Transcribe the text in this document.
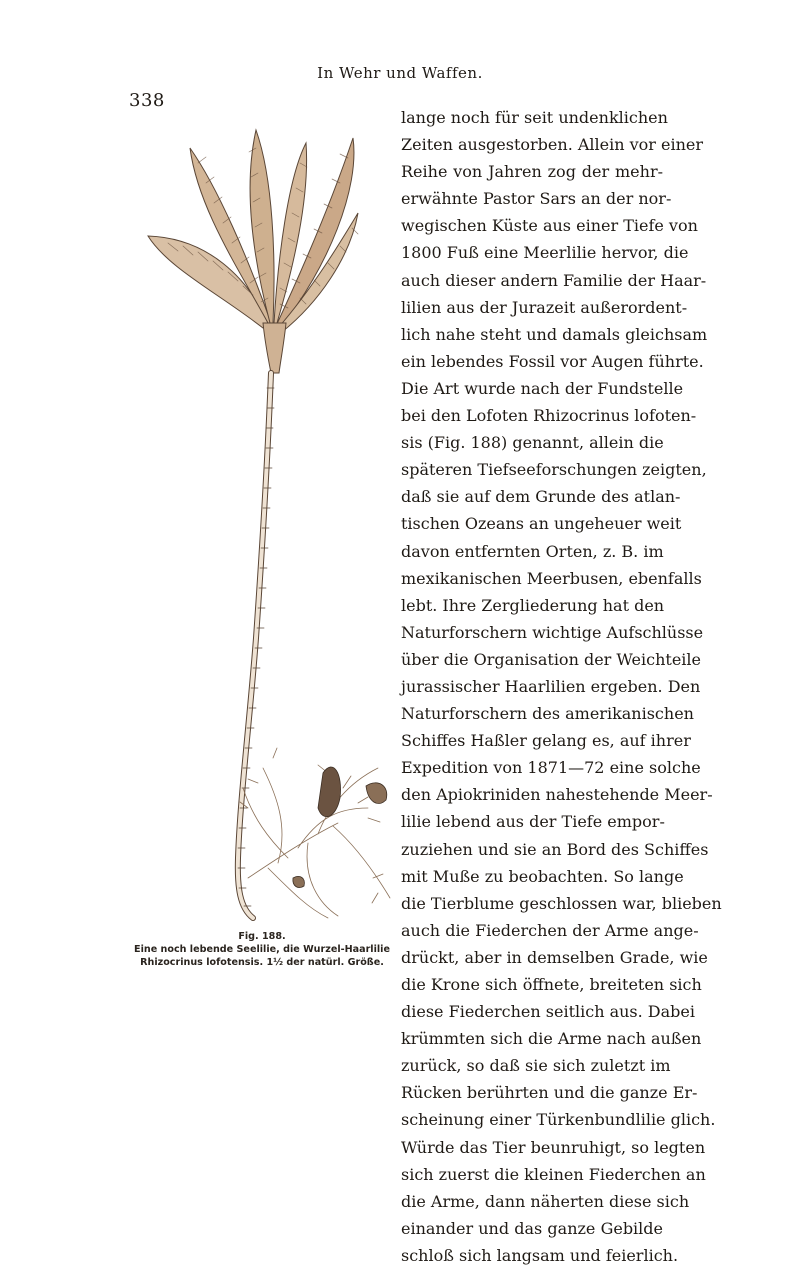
In Wehr und Waffen.
338
Fig. 188.
Eine noch lebende Seelilie, die Wurzel-Haarlilie
Rhizocrinus lofotensis. 1½ der natürl. Größe.
lange noch für seit undenklichen
Zeiten ausgestorben. Allein vor einer
Reihe von Jahren zog der mehr-
erwähnte Pastor Sars an der nor-
wegischen Küste aus einer Tiefe von
1800 Fuß eine Meerlilie hervor, die
auch dieser andern Familie der Haar-
lilien aus der Jurazeit außerordent-
lich nahe steht und damals gleichsam
ein lebendes Fossil vor Augen führte.
Die Art wurde nach der Fundstelle
bei den Lofoten Rhizocrinus lofoten-
sis (Fig. 188) genannt, allein die
späteren Tiefseeforschungen zeigten,
daß sie auf dem Grunde des atlan-
tischen Ozeans an ungeheuer weit
davon entfernten Orten, z. B. im
mexikanischen Meerbusen, ebenfalls
lebt. Ihre Zergliederung hat den
Naturforschern wichtige Aufschlüsse
über die Organisation der Weichteile
jurassischer Haarlilien ergeben. Den
Naturforschern des amerikanischen
Schiffes Haßler gelang es, auf ihrer
Expedition von 1871—72 eine solche
den Apiokriniden nahestehende Meer-
lilie lebend aus der Tiefe empor-
zuziehen und sie an Bord des Schiffes
mit Muße zu beobachten. So lange
die Tierblume geschlossen war, blieben
auch die Fiederchen der Arme ange-
drückt, aber in demselben Grade, wie
die Krone sich öffnete, breiteten sich
diese Fiederchen seitlich aus. Dabei
krümmten sich die Arme nach außen
zurück, so daß sie sich zuletzt im
Rücken berührten und die ganze Er-
scheinung einer Türkenbundlilie glich.
Würde das Tier beunruhigt, so legten
sich zuerst die kleinen Fiederchen an
die Arme, dann näherten diese sich
einander und das ganze Gebilde
schloß sich langsam und feierlich.
